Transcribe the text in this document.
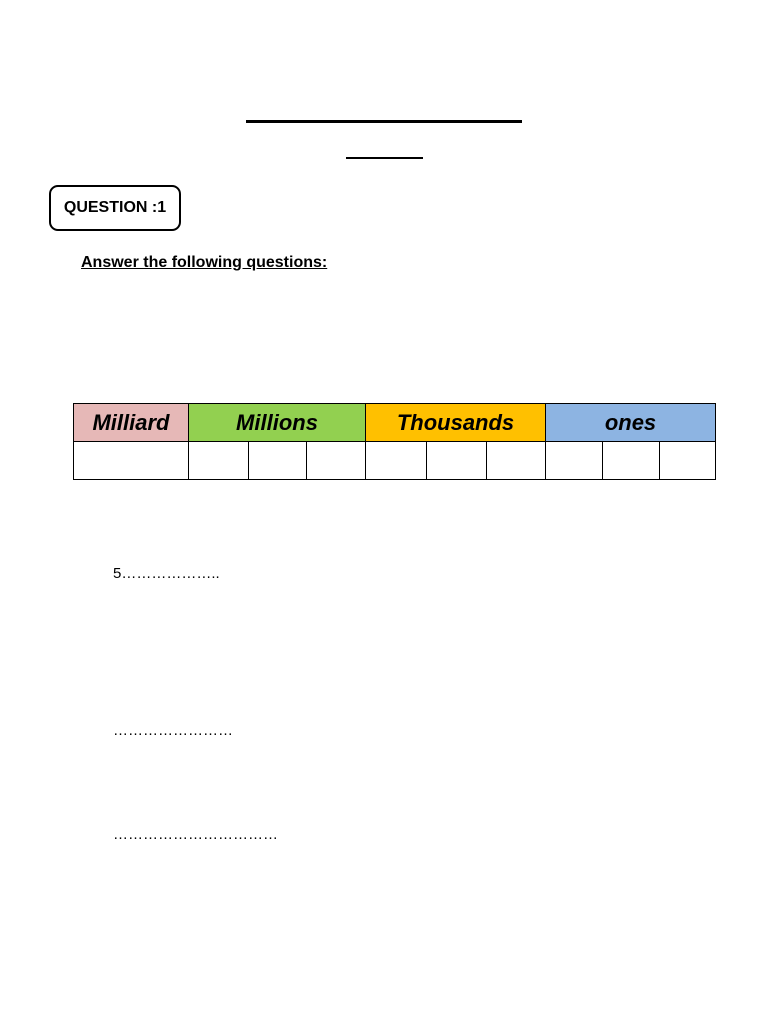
QUESTION :1
Answer the following questions:
Milliard	Millions			Thousands			ones		

5………………..
……………………
……………………………
